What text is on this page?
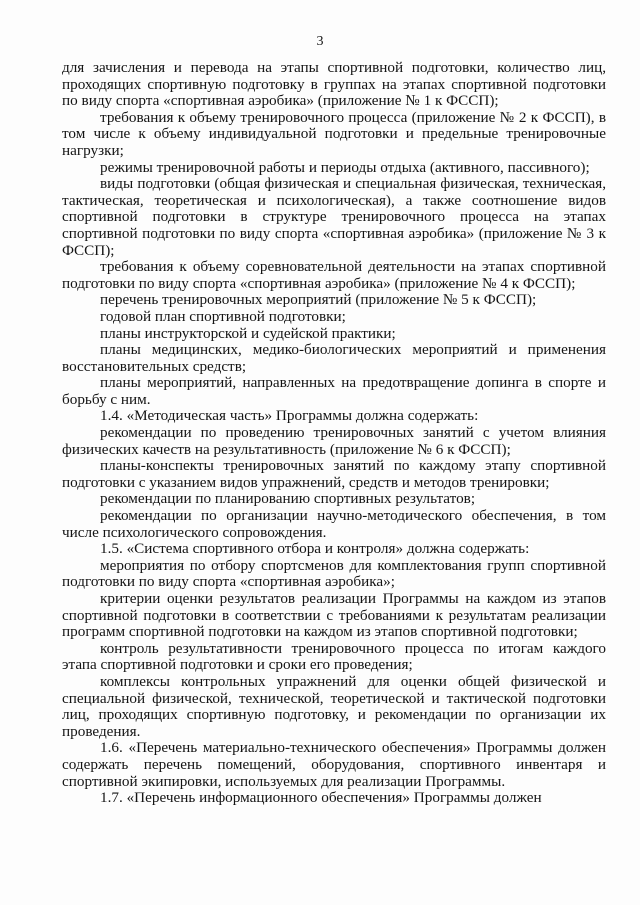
3

для зачисления и перевода на этапы спортивной подготовки, количество лиц, проходящих спортивную подготовку в группах на этапах спортивной подготовки по виду спорта «спортивная аэробика» (приложение № 1 к ФССП);

требования к объему тренировочного процесса (приложение № 2 к ФССП), в том числе к объему индивидуальной подготовки и предельные тренировочные нагрузки;

режимы тренировочной работы и периоды отдыха (активного, пассивного);

виды подготовки (общая физическая и специальная физическая, техническая, тактическая, теоретическая и психологическая), а также соотношение видов спортивной подготовки в структуре тренировочного процесса на этапах спортивной подготовки по виду спорта «спортивная аэробика» (приложение № 3 к ФССП);

требования к объему соревновательной деятельности на этапах спортивной подготовки по виду спорта «спортивная аэробика» (приложение № 4 к ФССП);

перечень тренировочных мероприятий (приложение № 5 к ФССП);

годовой план спортивной подготовки;

планы инструкторской и судейской практики;

планы медицинских, медико-биологических мероприятий и применения восстановительных средств;

планы мероприятий, направленных на предотвращение допинга в спорте и борьбу с ним.

1.4. «Методическая часть» Программы должна содержать:

рекомендации по проведению тренировочных занятий с учетом влияния физических качеств на результативность (приложение № 6 к ФССП);

планы-конспекты тренировочных занятий по каждому этапу спортивной подготовки с указанием видов упражнений, средств и методов тренировки;

рекомендации по планированию спортивных результатов;

рекомендации по организации научно-методического обеспечения, в том числе психологического сопровождения.

1.5. «Система спортивного отбора и контроля» должна содержать:

мероприятия по отбору спортсменов для комплектования групп спортивной подготовки по виду спорта «спортивная аэробика»;

критерии оценки результатов реализации Программы на каждом из этапов спортивной подготовки в соответствии с требованиями к результатам реализации программ спортивной подготовки на каждом из этапов спортивной подготовки;

контроль результативности тренировочного процесса по итогам каждого этапа спортивной подготовки и сроки его проведения;

комплексы контрольных упражнений для оценки общей физической и специальной физической, технической, теоретической и тактической подготовки лиц, проходящих спортивную подготовку, и рекомендации по организации их проведения.

1.6. «Перечень материально-технического обеспечения» Программы должен содержать перечень помещений, оборудования, спортивного инвентаря и спортивной экипировки, используемых для реализации Программы.

1.7. «Перечень информационного обеспечения» Программы должен
